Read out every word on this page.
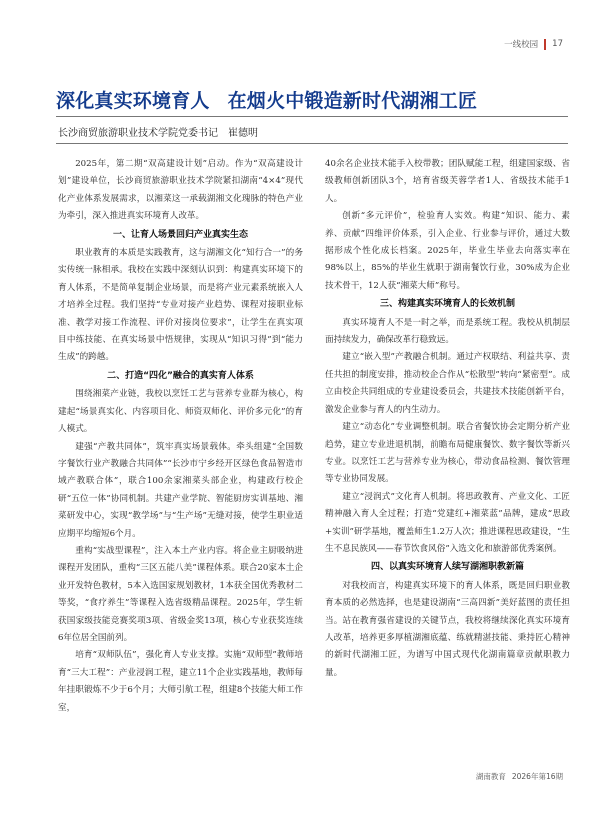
一线校园 17
深化真实环境育人 在烟火中锻造新时代湖湘工匠
长沙商贸旅游职业技术学院党委书记　崔德明

2025年，第二期“双高建设计划”启动。作为“双高建设计划”建设单位，长沙商贸旅游职业技术学院紧扣湖南“4×4”现代化产业体系发展需求，以湘菜这一承载湖湘文化瑰脉的特色产业为牵引，深入推进真实环境育人改革。

一、让育人场景回归产业真实生态

职业教育的本质是实践教育，这与湖湘文化“知行合一”的务实传统一脉相承。我校在实践中深刻认识到：构建真实环境下的育人体系，不是简单复制企业场景，而是将产业元素系统嵌入人才培养全过程。我们坚持“专业对接产业趋势、课程对接职业标准、教学对接工作流程、评价对接岗位要求”，让学生在真实项目中练技能、在真实场景中悟规律，实现从“知识习得”到“能力生成”的跨越。

二、打造“四化”融合的真实育人体系

围绕湘菜产业链，我校以烹饪工艺与营养专业群为核心，构建起“场景真实化、内容项目化、师资双师化、评价多元化”的育人模式。

建强“产教共同体”，筑牢真实场景载体。牵头组建“全国数字餐饮行业产教融合共同体”“长沙市宁乡经开区绿色食品智造市域产教联合体”，联合100余家湘菜头部企业，构建政行校企研“五位一体”协同机制。共建产业学院、智能厨房实训基地、湘菜研发中心，实现“教学场”与“生产场”无缝对接，使学生职业适应期平均缩短6个月。

重构“实战型课程”，注入本土产业内容。将企业主厨吸纳进课程开发团队，重构“三区五能八美”课程体系。联合20家本土企业开发特色教材，5本入选国家规划教材，1本获全国优秀教材二等奖，“食疗养生”等课程入选省级精品课程。2025年，学生斩获国家级技能竞赛奖项3项、省级金奖13项，核心专业获奖连续6年位居全国前列。

培育“双师队伍”，强化育人专业支撑。实施“双师型”教师培育“三大工程”：产业浸润工程，建立11个企业实践基地，教师每年挂职锻炼不少于6个月；大师引航工程，组建8个技能大师工作室，

40余名企业技术能手入校带教；团队赋能工程，组建国家级、省级教师创新团队3个，培育省级芙蓉学者1人、省级技术能手1人。

创新“多元评价”，检验育人实效。构建“知识、能力、素养、贡献”四维评价体系，引入企业、行业参与评价，通过大数据形成个性化成长档案。2025年，毕业生毕业去向落实率在98%以上，85%的毕业生就职于湖南餐饮行业，30%成为企业技术骨干，12人获“湘菜大师”称号。

三、构建真实环境育人的长效机制

真实环境育人不是一时之举，而是系统工程。我校从机制层面持续发力，确保改革行稳致远。

建立“嵌入型”产教融合机制。通过产权联结、利益共享、责任共担的制度安排，推动校企合作从“松散型”转向“紧密型”。成立由校企共同组成的专业建设委员会，共建技术技能创新平台，激发企业参与育人的内生动力。

建立“动态化”专业调整机制。联合省餐饮协会定期分析产业趋势，建立专业进退机制，前瞻布局健康餐饮、数字餐饮等新兴专业。以烹饪工艺与营养专业为核心，带动食品检测、餐饮管理等专业协同发展。

建立“浸润式”文化育人机制。将思政教育、产业文化、工匠精神融入育人全过程；打造“党建红+湘菜蓝”品牌，建成“思政+实训”研学基地，覆盖师生1.2万人次；推进课程思政建设，“生生不息民族风——春节饮食风俗”入选文化和旅游部优秀案例。

四、以真实环境育人续写湖湘职教新篇

对我校而言，构建真实环境下的育人体系，既是回归职业教育本质的必然选择，也是建设湖南“三高四新”美好蓝图的责任担当。站在教育强省建设的关键节点，我校将继续深化真实环境育人改革，培养更多厚植湖湘底蕴、练就精湛技能、秉持匠心精神的新时代湖湘工匠，为谱写中国式现代化湖南篇章贡献职教力量。

湖南教育 2026年第16期
